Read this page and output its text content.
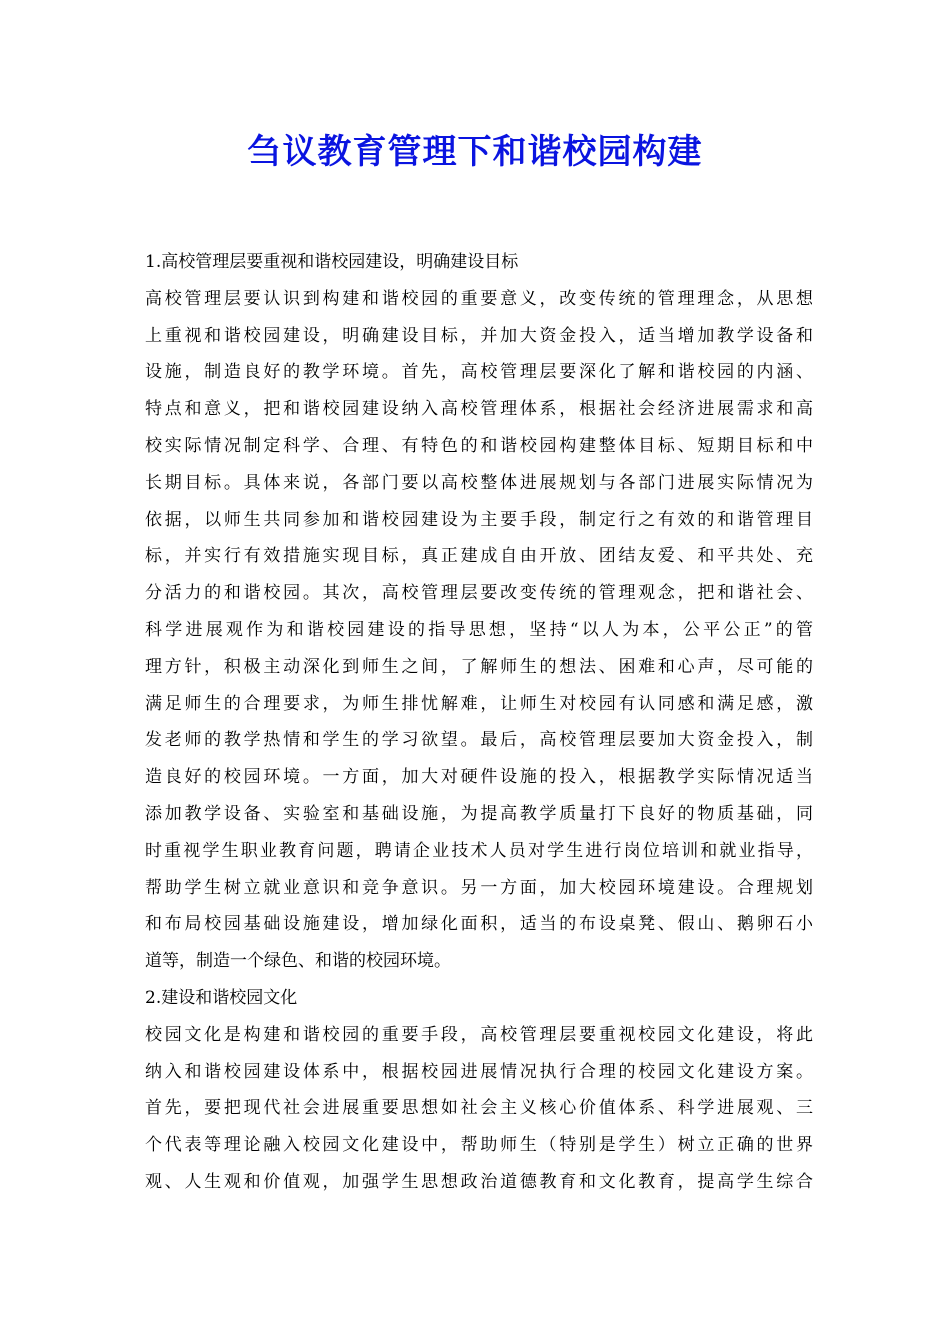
刍议教育管理下和谐校园构建
1.高校管理层要重视和谐校园建设，明确建设目标
高校管理层要认识到构建和谐校园的重要意义，改变传统的管理理念，从思想
上重视和谐校园建设，明确建设目标，并加大资金投入，适当增加教学设备和
设施，制造良好的教学环境。首先，高校管理层要深化了解和谐校园的内涵、
特点和意义，把和谐校园建设纳入高校管理体系，根据社会经济进展需求和高
校实际情况制定科学、合理、有特色的和谐校园构建整体目标、短期目标和中
长期目标。具体来说，各部门要以高校整体进展规划与各部门进展实际情况为
依据，以师生共同参加和谐校园建设为主要手段，制定行之有效的和谐管理目
标，并实行有效措施实现目标，真正建成自由开放、团结友爱、和平共处、充
分活力的和谐校园。其次，高校管理层要改变传统的管理观念，把和谐社会、
科学进展观作为和谐校园建设的指导思想，坚持“以人为本，公平公正”的管
理方针，积极主动深化到师生之间，了解师生的想法、困难和心声，尽可能的
满足师生的合理要求，为师生排忧解难，让师生对校园有认同感和满足感，激
发老师的教学热情和学生的学习欲望。最后，高校管理层要加大资金投入，制
造良好的校园环境。一方面，加大对硬件设施的投入，根据教学实际情况适当
添加教学设备、实验室和基础设施，为提高教学质量打下良好的物质基础，同
时重视学生职业教育问题，聘请企业技术人员对学生进行岗位培训和就业指导，
帮助学生树立就业意识和竞争意识。另一方面，加大校园环境建设。合理规划
和布局校园基础设施建设，增加绿化面积，适当的布设桌凳、假山、鹅卵石小
道等，制造一个绿色、和谐的校园环境。
2.建设和谐校园文化
校园文化是构建和谐校园的重要手段，高校管理层要重视校园文化建设，将此
纳入和谐校园建设体系中，根据校园进展情况执行合理的校园文化建设方案。
首先，要把现代社会进展重要思想如社会主义核心价值体系、科学进展观、三
个代表等理论融入校园文化建设中，帮助师生（特别是学生）树立正确的世界
观、人生观和价值观，加强学生思想政治道德教育和文化教育，提高学生综合
